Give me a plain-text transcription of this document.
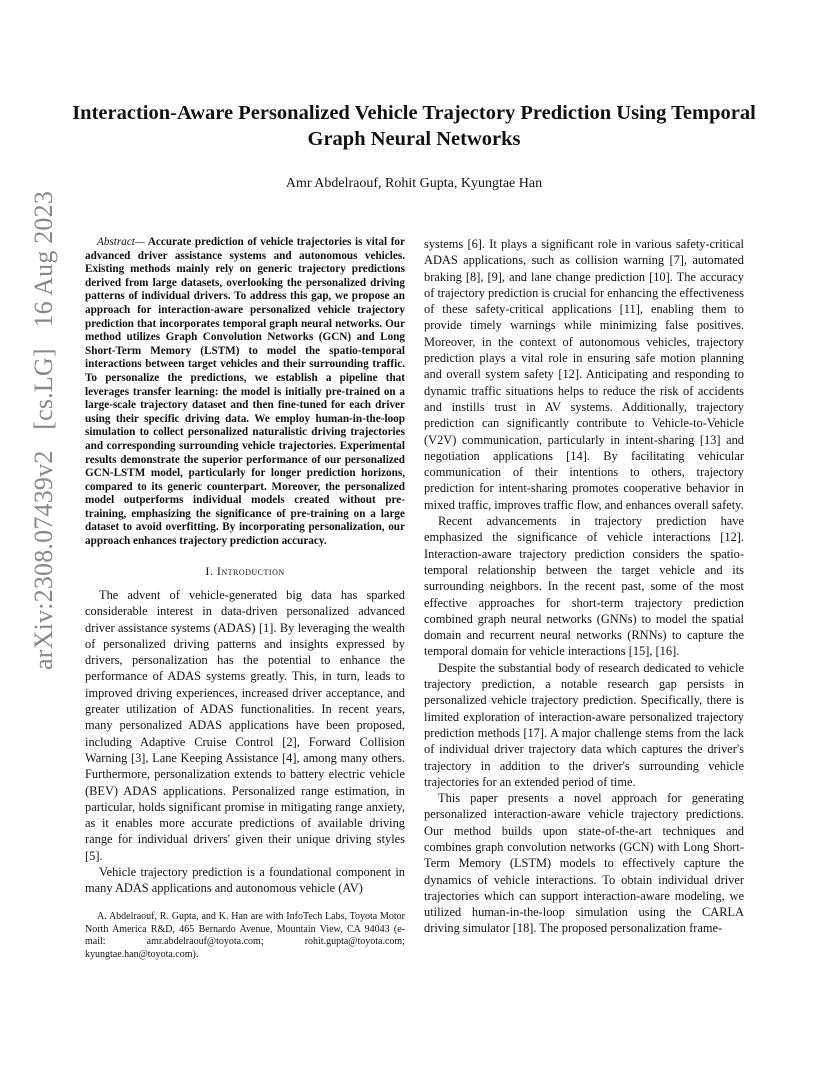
Interaction-Aware Personalized Vehicle Trajectory Prediction Using Temporal Graph Neural Networks
Amr Abdelraouf, Rohit Gupta, Kyungtae Han
arXiv:2308.07439v2 [cs.LG] 16 Aug 2023	Abstract— Accurate prediction of vehicle trajectories is vital for advanced driver assistance systems and autonomous vehicles. Existing methods mainly rely on generic trajectory predictions derived from large datasets, overlooking the personalized driving patterns of individual drivers. To address this gap, we propose an approach for interaction-aware personalized vehicle trajectory prediction that incorporates temporal graph neural networks. Our method utilizes Graph Convolution Networks (GCN) and Long Short-Term Memory (LSTM) to model the spatio-temporal interactions between target vehicles and their surrounding traffic. To personalize the predictions, we establish a pipeline that leverages transfer learning: the model is initially pre-trained on a large-scale trajectory dataset and then fine-tuned for each driver using their specific driving data. We employ human-in-the-loop simulation to collect personalized naturalistic driving trajectories and corresponding surrounding vehicle trajectories. Experimental results demonstrate the superior performance of our personalized GCN-LSTM model, particularly for longer prediction horizons, compared to its generic counterpart. Moreover, the personalized model outperforms individual models created without pre-training, emphasizing the significance of pre-training on a large dataset to avoid overfitting. By incorporating personalization, our approach enhances trajectory prediction accuracy.

I. Introduction

The advent of vehicle-generated big data has sparked considerable interest in data-driven personalized advanced driver assistance systems (ADAS) [1]. By leveraging the wealth of personalized driving patterns and insights expressed by drivers, personalization has the potential to enhance the performance of ADAS systems greatly. This, in turn, leads to improved driving experiences, increased driver acceptance, and greater utilization of ADAS functionalities. In recent years, many personalized ADAS applications have been proposed, including Adaptive Cruise Control [2], Forward Collision Warning [3], Lane Keeping Assistance [4], among many others. Furthermore, personalization extends to battery electric vehicle (BEV) ADAS applications. Personalized range estimation, in particular, holds significant promise in mitigating range anxiety, as it enables more accurate predictions of available driving range for individual drivers' given their unique driving styles [5].

Vehicle trajectory prediction is a foundational component in many ADAS applications and autonomous vehicle (AV)

A. Abdelraouf, R. Gupta, and K. Han are with InfoTech Labs, Toyota Motor North America R&D, 465 Bernardo Avenue, Mountain View, CA 94043 (e-mail: amr.abdelraouf@toyota.com; rohit.gupta@toyota.com; kyungtae.han@toyota.com).

systems [6]. It plays a significant role in various safety-critical ADAS applications, such as collision warning [7], automated braking [8], [9], and lane change prediction [10]. The accuracy of trajectory prediction is crucial for enhancing the effectiveness of these safety-critical applications [11], enabling them to provide timely warnings while minimizing false positives. Moreover, in the context of autonomous vehicles, trajectory prediction plays a vital role in ensuring safe motion planning and overall system safety [12]. Anticipating and responding to dynamic traffic situations helps to reduce the risk of accidents and instills trust in AV systems. Additionally, trajectory prediction can significantly contribute to Vehicle-to-Vehicle (V2V) communication, particularly in intent-sharing [13] and negotiation applications [14]. By facilitating vehicular communication of their intentions to others, trajectory prediction for intent-sharing promotes cooperative behavior in mixed traffic, improves traffic flow, and enhances overall safety.

Recent advancements in trajectory prediction have emphasized the significance of vehicle interactions [12]. Interaction-aware trajectory prediction considers the spatio-temporal relationship between the target vehicle and its surrounding neighbors. In the recent past, some of the most effective approaches for short-term trajectory prediction combined graph neural networks (GNNs) to model the spatial domain and recurrent neural networks (RNNs) to capture the temporal domain for vehicle interactions [15], [16].

Despite the substantial body of research dedicated to vehicle trajectory prediction, a notable research gap persists in personalized vehicle trajectory prediction. Specifically, there is limited exploration of interaction-aware personalized trajectory prediction methods [17]. A major challenge stems from the lack of individual driver trajectory data which captures the driver's trajectory in addition to the driver's surrounding vehicle trajectories for an extended period of time.

This paper presents a novel approach for generating personalized interaction-aware vehicle trajectory predictions. Our method builds upon state-of-the-art techniques and combines graph convolution networks (GCN) with Long Short-Term Memory (LSTM) models to effectively capture the dynamics of vehicle interactions. To obtain individual driver trajectories which can support interaction-aware modeling, we utilized human-in-the-loop simulation using the CARLA driving simulator [18]. The proposed personalization frame-
